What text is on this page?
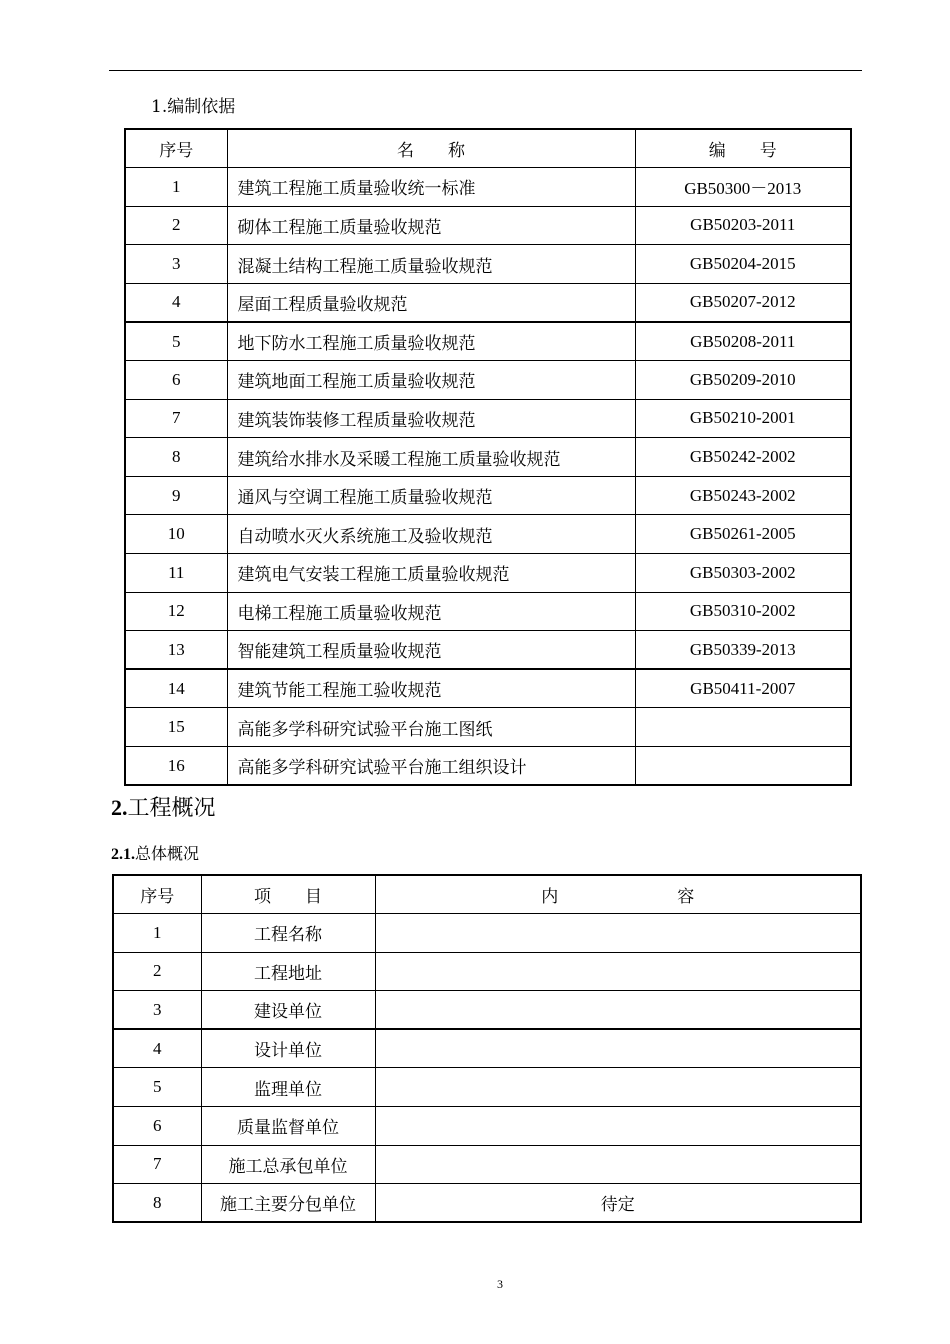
1.编制依据
序号	名　　称	编　　号
1	建筑工程施工质量验收统一标准	GB50300－2013
2	砌体工程施工质量验收规范	GB50203-2011
3	混凝土结构工程施工质量验收规范	GB50204-2015
4	屋面工程质量验收规范	GB50207-2012
5	地下防水工程施工质量验收规范	GB50208-2011
6	建筑地面工程施工质量验收规范	GB50209-2010
7	建筑装饰装修工程质量验收规范	GB50210-2001
8	建筑给水排水及采暖工程施工质量验收规范	GB50242-2002
9	通风与空调工程施工质量验收规范	GB50243-2002
10	自动喷水灭火系统施工及验收规范	GB50261-2005
11	建筑电气安装工程施工质量验收规范	GB50303-2002
12	电梯工程施工质量验收规范	GB50310-2002
13	智能建筑工程质量验收规范	GB50339-2013
14	建筑节能工程施工验收规范	GB50411-2007
15	高能多学科研究试验平台施工图纸	
16	高能多学科研究试验平台施工组织设计	
2.工程概况
2.1.总体概况
序号	项　　目	内　　　　　　　容
1	工程名称	
2	工程地址	
3	建设单位	
4	设计单位	
5	监理单位	
6	质量监督单位	
7	施工总承包单位	
8	施工主要分包单位	待定
3
